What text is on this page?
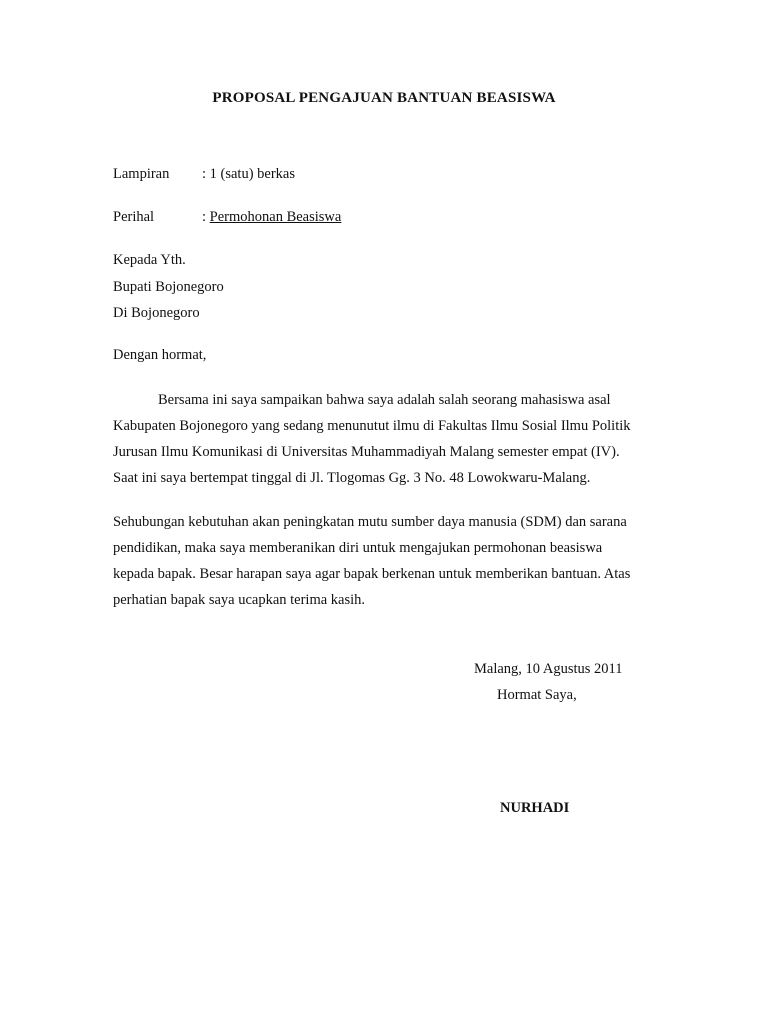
PROPOSAL PENGAJUAN BANTUAN BEASISWA
Lampiran : 1 (satu) berkas
Perihal	: Permohonan Beasiswa
Kepada Yth.
Bupati Bojonegoro
Di Bojonegoro
Dengan hormat,
Bersama ini saya sampaikan bahwa saya adalah salah seorang mahasiswa asal
Kabupaten Bojonegoro yang sedang menunutut ilmu di Fakultas Ilmu Sosial Ilmu Politik
Jurusan Ilmu Komunikasi di Universitas Muhammadiyah Malang semester empat (IV).
Saat ini saya bertempat tinggal di Jl. Tlogomas Gg. 3 No. 48 Lowokwaru-Malang.
Sehubungan kebutuhan akan peningkatan mutu sumber daya manusia (SDM) dan sarana
pendidikan, maka saya memberanikan diri untuk mengajukan permohonan beasiswa
kepada bapak. Besar harapan saya agar bapak berkenan untuk memberikan bantuan. Atas
perhatian bapak saya ucapkan terima kasih.
Malang, 10 Agustus 2011
Hormat Saya,
NURHADI
